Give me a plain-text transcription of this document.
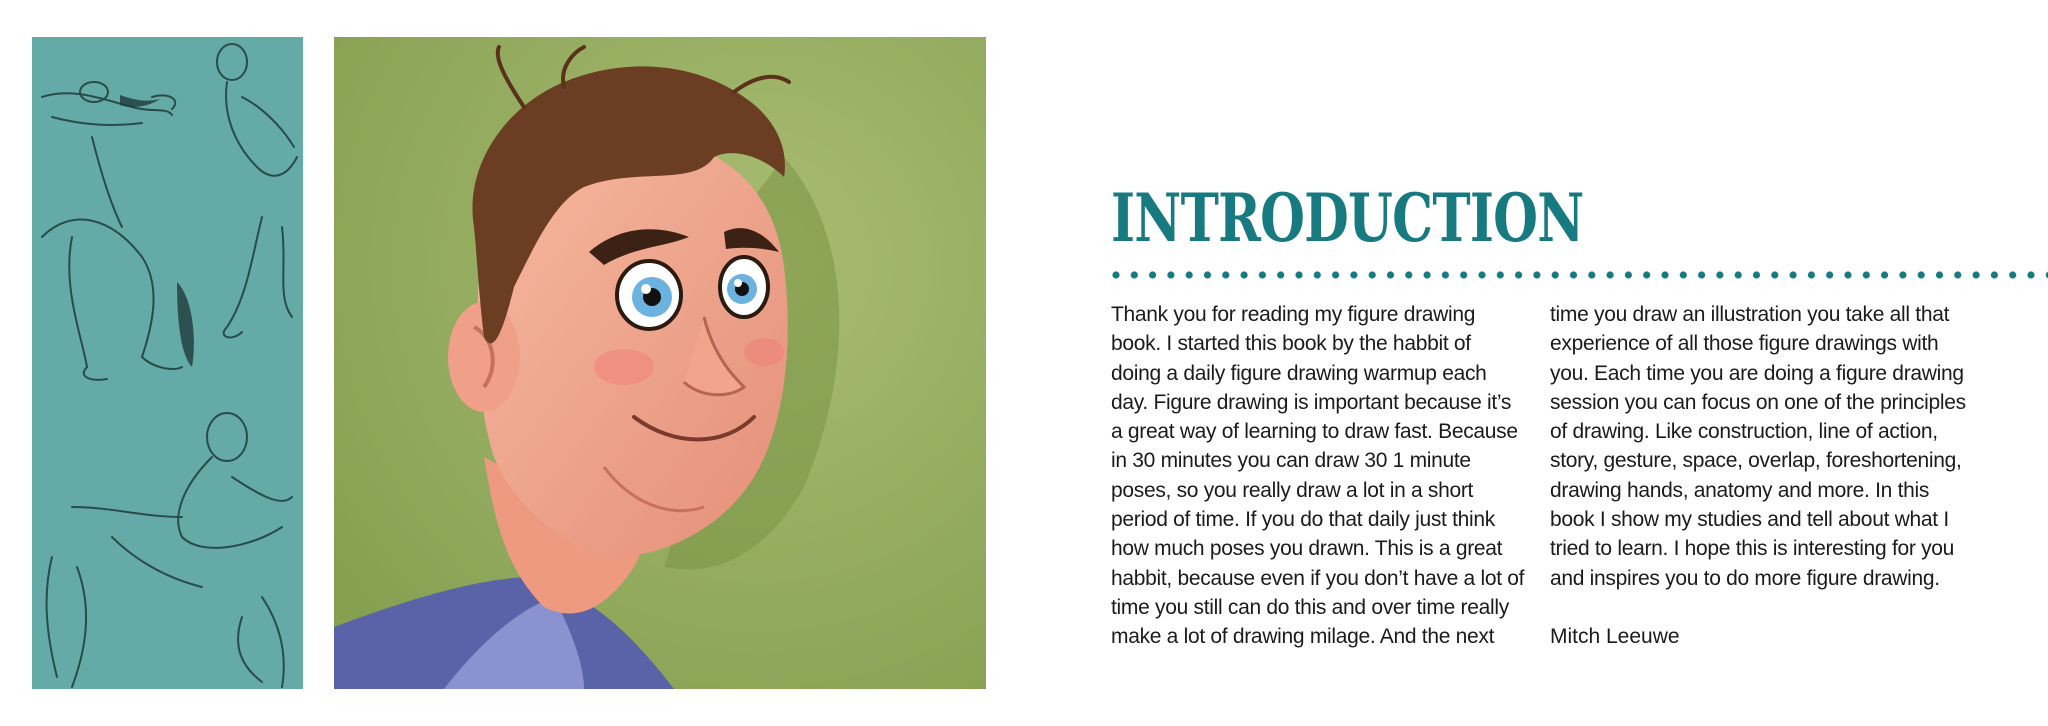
INTRODUCTION

Thank you for reading my figure drawing
book. I started this book by the habbit of
doing a daily figure drawing warmup each
day. Figure drawing is important because it’s
a great way of learning to draw fast. Because
in 30 minutes you can draw 30 1 minute
poses, so you really draw a lot in a short
period of time. If you do that daily just think
how much poses you drawn. This is a great
habbit, because even if you don’t have a lot of
time you still can do this and over time really
make a lot of drawing milage. And the next

time you draw an illustration you take all that
experience of all those figure drawings with
you. Each time you are doing a figure drawing
session you can focus on one of the principles
of drawing. Like construction, line of action,
story, gesture, space, overlap, foreshortening,
drawing hands, anatomy and more. In this
book I show my studies and tell about what I
tried to learn. I hope this is interesting for you
and inspires you to do more figure drawing.

Mitch Leeuwe
